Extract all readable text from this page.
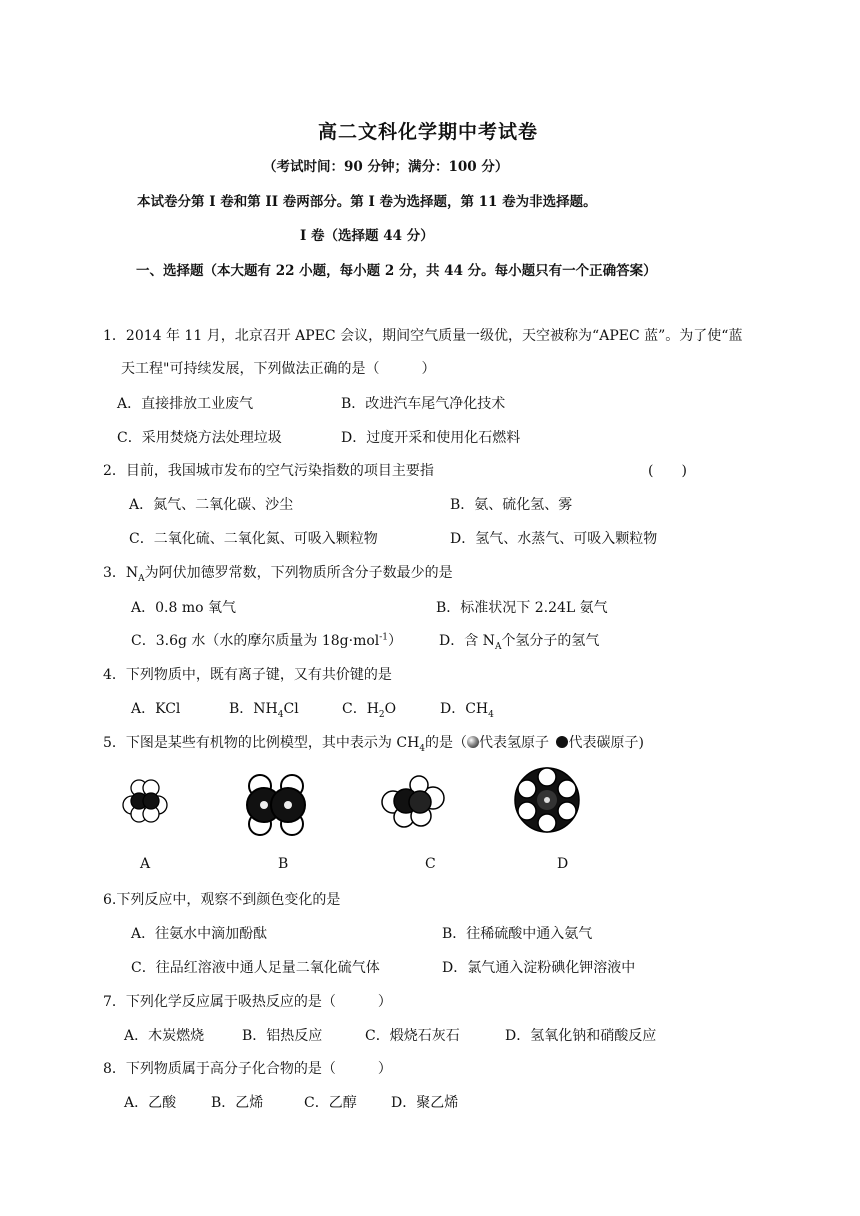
高二文科化学期中考试卷
（考试时间：90 分钟；满分：100 分）
本试卷分第 I 卷和第 II 卷两部分。第 I 卷为选择题，第 11 卷为非选择题。
I 卷（选择题 44 分）
一、选择题（本大题有 22 小题，每小题 2 分，共 44 分。每小题只有一个正确答案）
1．2014 年 11 月，北京召开 APEC 会议，期间空气质量一级优，天空被称为“APEC 蓝”。为了使“蓝
天工程"可持续发展，下列做法正确的是（　　　）
A．直接排放工业废气	B．改进汽车尾气净化技术
C．采用焚烧方法处理垃圾	D．过度开采和使用化石燃料
2．目前，我国城市发布的空气污染指数的项目主要指	(　　)
A．氮气、二氧化碳、沙尘	B．氨、硫化氢、雾
C．二氧化硫、二氧化氮、可吸入颗粒物	D．氢气、水蒸气、可吸入颗粒物
3．$N_A$为阿伏加德罗常数，下列物质所含分子数最少的是
A．0.8 mo 氧气	B．标准状况下 2.24L 氨气
C．3.6g 水（水的摩尔质量为 18g·mol$^{-1}$）	D．含 $N_A$个氢分子的氢气
4．下列物质中，既有离子键，又有共价键的是
A．KCl	B．$NH_4Cl$	C．$H_2O$	D．$CH_4$
5．下图是某些有机物的比例模型，其中表示为 $CH_4$的是（ 代表氢原子 代表碳原子)
A	B	C	D
6.下列反应中，观察不到颜色变化的是
A．往氨水中滴加酚酞	B．往稀硫酸中通入氨气
C．往品红溶液中通人足量二氧化硫气体	D．氯气通入淀粉碘化钾溶液中
7．下列化学反应属于吸热反应的是（　　　）
A．木炭燃烧	B．铝热反应	C．煅烧石灰石	D．氢氧化钠和硝酸反应
8．下列物质属于高分子化合物的是（　　　）
A．乙酸 B．乙烯	C．乙醇 D．聚乙烯
